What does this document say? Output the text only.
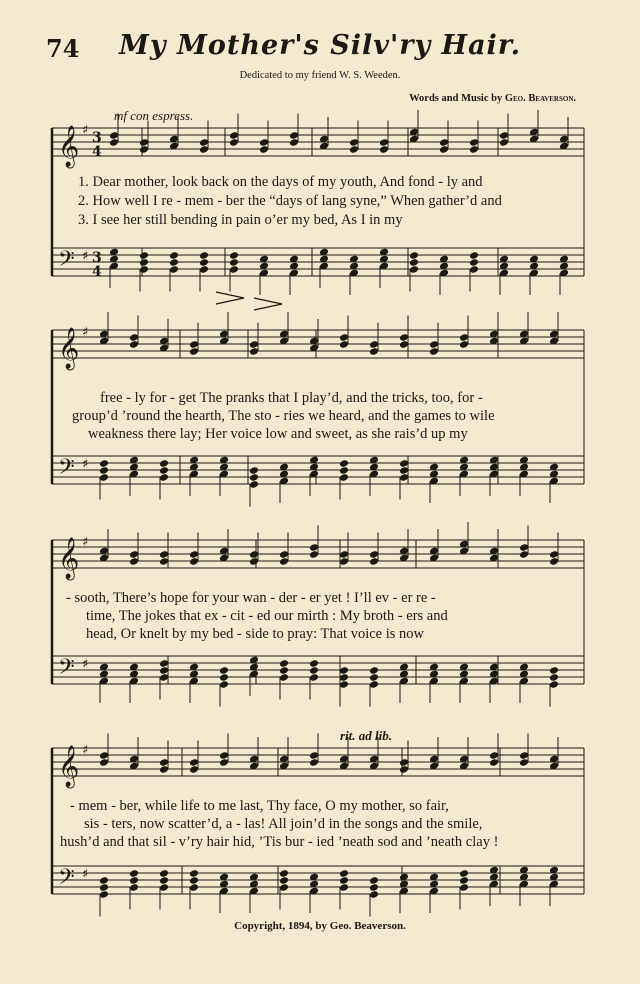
74	My Mother's Silv'ry Hair.
Dedicated to my friend W. S. Weeden.
Words and Music by Geo. Beaverson.
mf con espress.
rit. ad lib.
𝄞 ♯ 3
4
𝄢 ♯ 3
4
𝄞 ♯
𝄢 ♯
𝄞 ♯
𝄢 ♯
𝄞 ♯
𝄢 ♯
1. Dear mother, look back on the days of my youth, And fond - ly and
2. How well I re - mem - ber the “days of lang syne,” When gather’d and
3. I see her still bending in pain o’er my bed, As I in my
free - ly for - get The pranks that I play’d, and the tricks, too, for -
group’d ’round the hearth, The sto - ries we heard, and the games to wile
weakness there lay; Her voice low and sweet, as she rais’d up my
- sooth, There’s hope for your wan - der - er yet ! I’ll ev - er re -
time, The jokes that ex - cit - ed our mirth : My broth - ers and
head, Or knelt by my bed - side to pray: That voice is now
- mem - ber, while life to me last, Thy face, O my mother, so fair,
sis - ters, now scatter’d, a - las! All join’d in the songs and the smile,
hush’d and that sil - v’ry hair hid, ’Tis bur - ied ’neath sod and ’neath clay !
Copyright, 1894, by Geo. Beaverson.
